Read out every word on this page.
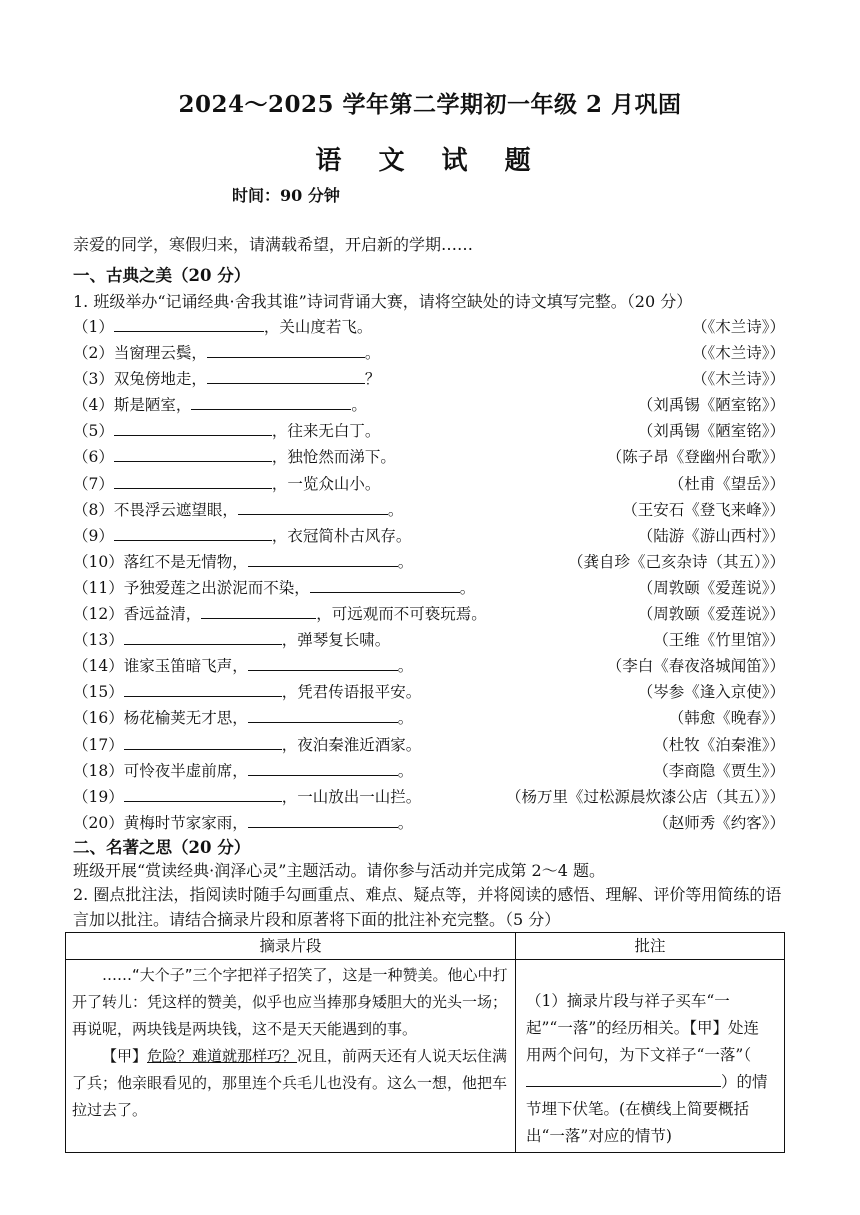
2024～2025 学年第二学期初一年级 2 月巩固
语 文 试 题
时间：90 分钟
亲爱的同学，寒假归来，请满载希望，开启新的学期……
一、古典之美（20 分）
1. 班级举办“记诵经典·舍我其谁”诗词背诵大赛，请将空缺处的诗文填写完整。（20 分）
（1）	，关山度若飞。	（《木兰诗》）
（2）当窗理云鬓，	。	（《木兰诗》）
（3）双兔傍地走，	？	（《木兰诗》）
（4）斯是陋室，	。	（刘禹锡《陋室铭》）
（5）	，往来无白丁。	（刘禹锡《陋室铭》）
（6）	，独怆然而涕下。	（陈子昂《登幽州台歌》）
（7）	，一览众山小。	（杜甫《望岳》）
（8）不畏浮云遮望眼，	。	（王安石《登飞来峰》）
（9）	，衣冠简朴古风存。	（陆游《游山西村》）
（10）落红不是无情物，	。	（龚自珍《己亥杂诗（其五）》）
（11）予独爱莲之出淤泥而不染，	。	（周敦颐《爱莲说》）
（12）香远益清，	，可远观而不可亵玩焉。	（周敦颐《爱莲说》）
（13）	，弹琴复长啸。	（王维《竹里馆》）
（14）谁家玉笛暗飞声，	。	（李白《春夜洛城闻笛》）
（15）	，凭君传语报平安。	（岑参《逢入京使》）
（16）杨花榆荚无才思，	。	（韩愈《晚春》）
（17）	，夜泊秦淮近酒家。	（杜牧《泊秦淮》）
（18）可怜夜半虚前席，	。	（李商隐《贾生》）
（19）	，一山放出一山拦。	（杨万里《过松源晨炊漆公店（其五）》）
（20）黄梅时节家家雨，	。	（赵师秀《约客》）
二、名著之思（20 分）
班级开展“赏读经典·润泽心灵”主题活动。请你参与活动并完成第 2～4 题。
2. 圈点批注法，指阅读时随手勾画重点、难点、疑点等，并将阅读的感悟、理解、评价等用简练的语言加以批注。请结合摘录片段和原著将下面的批注补充完整。（5 分）
摘录片段	批注

……“大个子”三个字把祥子招笑了，这是一种赞美。他心中打开了转儿：凭这样的赞美，似乎也应当捧那身矮胆大的光头一场；再说呢，两块钱是两块钱，这不是天天能遇到的事。

【甲】危险？难道就那样巧？况且，前两天还有人说天坛住满了兵；他亲眼看见的，那里连个兵毛儿也没有。这么一想，他把车拉过去了。	（1）摘录片段与祥子买车“一起”“一落”的经历相关。【甲】处连用两个问句，为下文祥子“一落”（）的情节埋下伏笔。(在横线上简要概括出“一落”对应的情节)
